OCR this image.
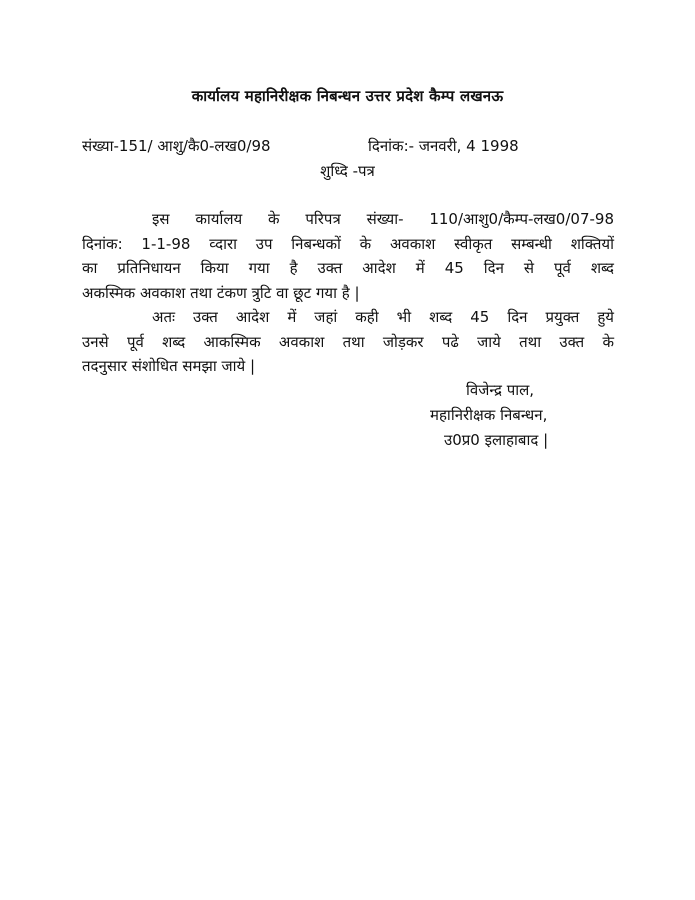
कार्यालय महानिरीक्षक निबन्धन उत्तर प्रदेश कैम्प लखनऊ
संख्या-151/ आशु/कै0-लख0/98	दिनांक:- जनवरी, 4 1998
शुध्दि -पत्र
इस कार्यालय के परिपत्र संख्या- 110/आशु0/कैम्प-लख0/07-98
दिनांक: 1-1-98 व्दारा उप निबन्धकों के अवकाश स्वीकृत सम्बन्धी शक्तियों
का प्रतिनिधायन किया गया है उक्त आदेश में 45 दिन से पूर्व शब्द
अकस्मिक अवकाश तथा टंकण त्रुटि वा छूट गया है |
अतः उक्त आदेश में जहां कही भी शब्द 45 दिन प्रयुक्त हुये
उनसे पूर्व शब्द आकस्मिक अवकाश तथा जोड़कर पढे जाये तथा उक्त के
तदनुसार संशोधित समझा जाये |
विजेन्द्र पाल,
महानिरीक्षक निबन्धन,
उ0प्र0 इलाहाबाद |
